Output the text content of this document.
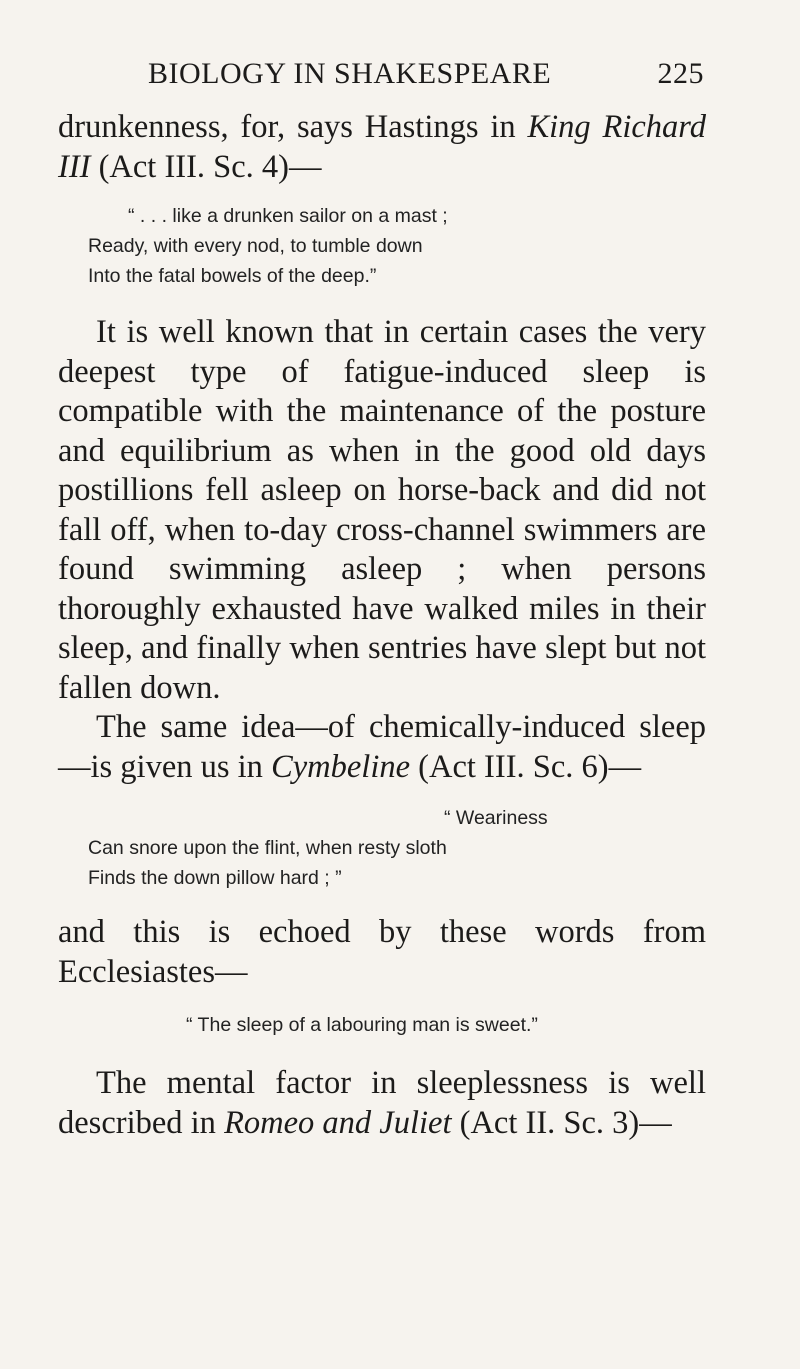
BIOLOGY IN SHAKESPEARE	225

drunkenness, for, says Hastings in King Richard III (Act III. Sc. 4)—

“ . . . like a drunken sailor on a mast ;
Ready, with every nod, to tumble down
Into the fatal bowels of the deep.”

It is well known that in certain cases the very deepest type of fatigue-induced sleep is compatible with the maintenance of the posture and equilibrium as when in the good old days postillions fell asleep on horse-back and did not fall off, when to-day cross-channel swimmers are found swimming asleep ; when persons thoroughly exhausted have walked miles in their sleep, and finally when sentries have slept but not fallen down.

The same idea—of chemically-induced sleep—is given us in Cymbeline (Act III. Sc. 6)—

“ Weariness
Can snore upon the flint, when resty sloth
Finds the down pillow hard ; ”

and this is echoed by these words from Ecclesiastes—

“ The sleep of a labouring man is sweet.”

The mental factor in sleeplessness is well described in Romeo and Juliet (Act II. Sc. 3)—
